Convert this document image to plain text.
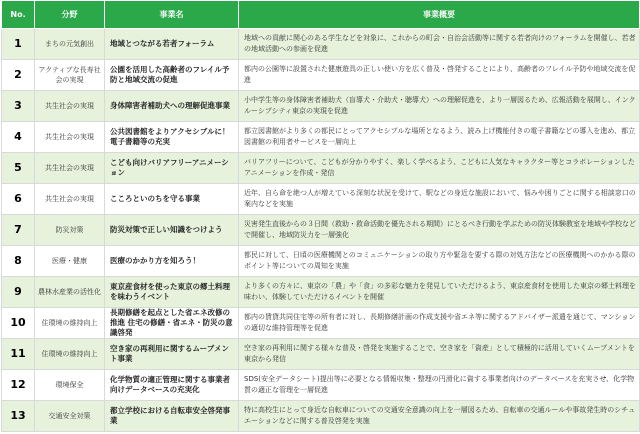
No.	分野	事業名	事業概要
1	まちの元気創出	地域とつながる若者フォーラム	地域への貢献に関心のある学生などを対象に、これからの町会・自治会活動等に関する若者向けのフォーラムを開催し、若者の地域活動への参画を促進
2	アクティブな長寿社会の実現	公園を活用した高齢者のフレイル予防と地域交流の促進	都内の公園等に設置された健康遊具の正しい使い方を広く普及・啓発することにより、高齢者のフレイル予防や地域交流を促進
3	共生社会の実現	身体障害者補助犬への理解促進事業	小中学生等の身体障害者補助犬（盲導犬・介助犬・聴導犬）への理解促進を、より一層図るため、広報活動を展開し、インクルーシブシティ東京の実現を促進
4	共生社会の実現	公共図書館をよりアクセシブルに！電子書籍等の充実	都立図書館がより多くの都民にとってアクセシブルな場所となるよう、読み上げ機能付きの電子書籍などの導入を進め、都立図書館の利用者サービスを一層向上
5	共生社会の実現	こども向けバリアフリーアニメーション	バリアフリーについて、こどもが分かりやすく、楽しく学べるよう、こどもに人気なキャラクター等とコラボレーションしたアニメーションを作成・発信
6	共生社会の実現	こころといのちを守る事業	近年、自ら命を絶つ人が増えている深刻な状況を受けて、駅などの身近な施設において、悩みや困りごとに関する相談窓口の案内などを実施
7	防災対策	防災対策で正しい知識をつけよう	災害発生直後からの３日間（救助・救命活動を優先される期間）にとるべき行動を学ぶための防災体験教室を地域や学校などで開催し、地域防災力を一層強化
8	医療・健康	医療のかかり方を知ろう！	都民に対して、日頃の医療機関とのコミュニケーションの取り方や緊急を要する際の対処方法などの医療機関へのかかる際のポイント等についての周知を実施
9	農林水産業の活性化	東京産食材を使った東京の郷土料理を味わうイベント	より多くの方々に、東京の「農」や「食」の多彩な魅力を発見していただけるよう、東京産食材を使用した東京の郷土料理を味わい、体験していただけるイベントを開催
10	住環境の維持向上	長期修繕を起点とした省エネ改修の推進 住宅の修繕・省エネ・防災の意識啓発	都内の賃貸共同住宅等の所有者に対し、長期修繕計画の作成支援や省エネ等に関するアドバイザー派遣を通じて、マンションの適切な維持管理等を促進
11	住環境の維持向上	空き家の再利用に関するムーブメント事業	空き家の再利用に関する様々な普及・啓発を実施することで、空き家を「資産」として積極的に活用していくムーブメントを東京から発信
12	環境保全	化学物質の適正管理に関する事業者向けデータベースの充実化	SDS(安全データシート)提出等に必要となる情報収集・整理の円滑化に資する事業者向けのデータベースを充実させ、化学物質の適正な管理を一層促進
13	交通安全対策	都立学校における自転車安全啓発事業	特に高校生にとって身近な自転車についての交通安全意識の向上を一層図るため、自転車の交通ルールや事故発生時のシチュエーションなどに関する普及啓発を実施
